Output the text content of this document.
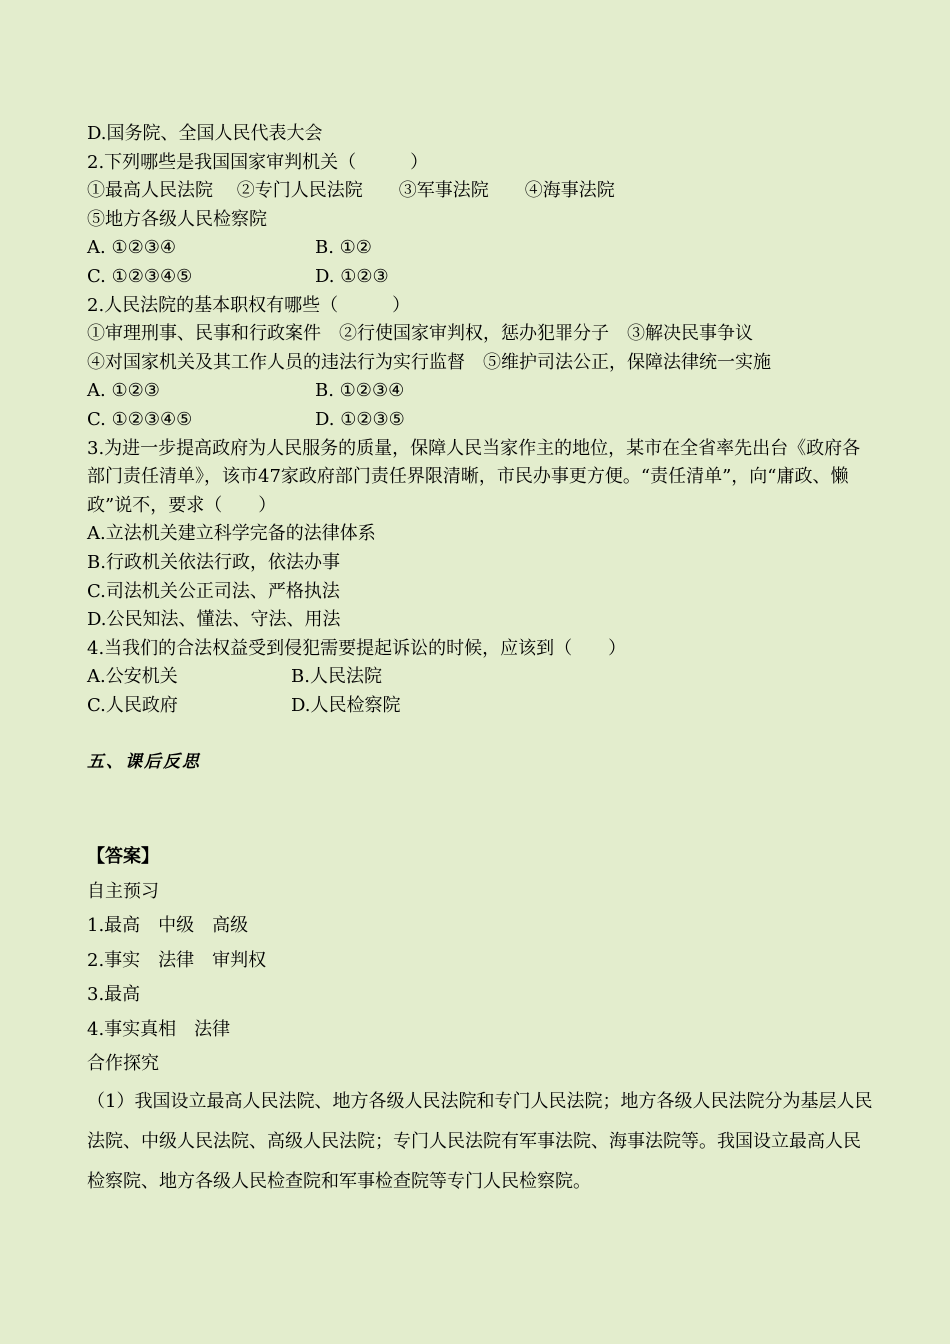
D.国务院、全国人民代表大会
2.下列哪些是我国国家审判机关（　　　）
①最高人民法院　 ②专门人民法院　　③军事法院　　④海事法院
⑤地方各级人民检察院
A. ①②③④	B. ①②
C. ①②③④⑤	D. ①②③
2.人民法院的基本职权有哪些（　　　）
①审理刑事、民事和行政案件　②行使国家审判权，惩办犯罪分子　③解决民事争议
④对国家机关及其工作人员的违法行为实行监督　⑤维护司法公正，保障法律统一实施
A. ①②③	B. ①②③④
C. ①②③④⑤	D. ①②③⑤
3.为进一步提高政府为人民服务的质量，保障人民当家作主的地位，某市在全省率先出台《政府各部门责任清单》，该市47家政府部门责任界限清晰，市民办事更方便。“责任清单”，向“庸政、懒政”说不，要求（　　）
A.立法机关建立科学完备的法律体系
B.行政机关依法行政，依法办事
C.司法机关公正司法、严格执法
D.公民知法、懂法、守法、用法
4.当我们的合法权益受到侵犯需要提起诉讼的时候，应该到（　　）
A.公安机关	B.人民法院
C.人民政府	D.人民检察院
五、课后反思
【答案】
自主预习
1.最高　中级　高级
2.事实　法律　审判权
3.最高
4.事实真相　法律
合作探究
（1）我国设立最高人民法院、地方各级人民法院和专门人民法院；地方各级人民法院分为基层人民法院、中级人民法院、高级人民法院；专门人民法院有军事法院、海事法院等。我国设立最高人民检察院、地方各级人民检查院和军事检查院等专门人民检察院。
